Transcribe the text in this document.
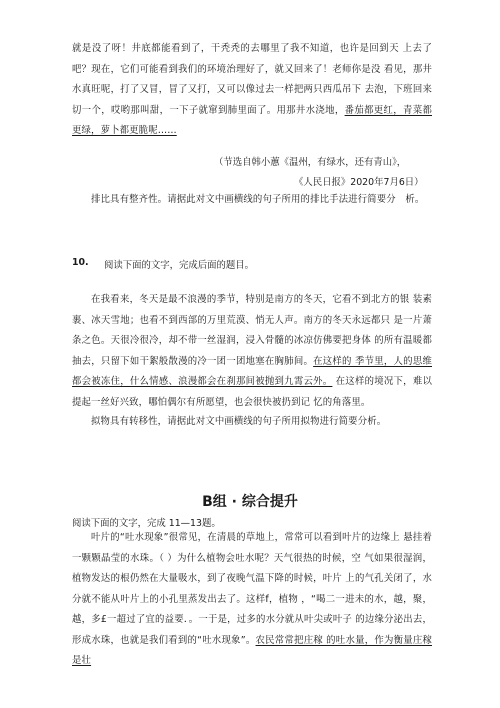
就是没了呀！井底都能看到了，干秃秃的去哪里了我不知道，也许是回到天 上去了吧？现在，它们可能看到我们的环境治理好了，就又回来了！老师你是没 看见，那井水真旺呢，打了又冒，冒了又打，又可以像过去一样把两只西瓜吊下 去泡，下班回来切一个，哎哟那叫甜，一下子就窜到肺里面了。用那井水浇地，番茄都更红，青菜都更绿，萝卜都更脆呢……

（节选自韩小蕙《温州，有绿水，还有青山》，
《人民日报》2020年7月6日）

排比具有整齐性。请据此对文中画横线的句子所用的排比手法进行简要分　析。

10. 阅读下面的文字，完成后面的题目。

在我看来，冬天是最不浪漫的季节，特别是南方的冬天，它看不到北方的银 装素裹、冰天雪地；也看不到西部的万里荒漠、悄无人声。南方的冬天永远都只 是一片萧条之色。天很冷很冷，却不带一丝湿润，浸入骨髓的冰凉仿佛要把身体 的所有温暖都抽去，只留下如干絮般散漫的冷一团一团地塞在胸肺间。在这样的 季节里，人的思维都会被冻住，什么情感、浪漫都会在刹那间被抛到九霄云外。 在这样的境况下，难以提起一丝好兴致，哪怕偶尔有所愿望，也会很快被扔到记 忆的角落里。

拟物具有转移性，请据此对文中画横线的句子所用拟物进行简要分析。

B组 · 综合提升
阅读下面的文字，完成 11—13题。

叶片的“吐水现象”很常见，在清晨的草地上，常常可以看到叶片的边缘上 悬挂着一颗颗晶莹的水珠。（ ）为什么植物会吐水呢？天气很热的时候，空 气如果很湿润，植物发达的根仍然在大量吸水，到了夜晚气温下降的时候，叶片 上的气孔关闭了，水分就不能从叶片上的小孔里蒸发出去了。这样f，植物 ，“喝二一进未的水，越，聚，越，多£一超过了宜的益要．。一于是，过多的水分就从叶尖或叶子 的边缘分泌出去，形成水珠，也就是我们看到的“吐水现象”。农民常常把庄稼 的吐水量，作为衡量庄稼是壮
